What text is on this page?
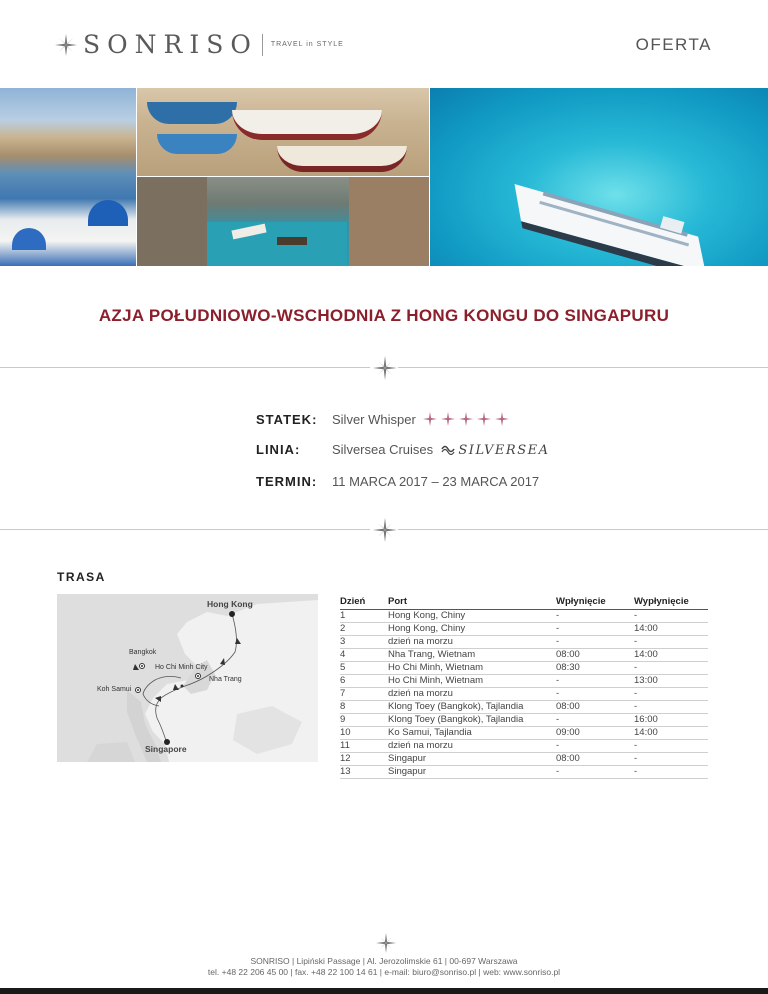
SONRISO TRAVEL in STYLE	OFERTA
AZJA POŁUDNIOWO-WSCHODNIA Z HONG KONGU DO SINGAPURU
STATEK: Silver Whisper
LINIA: Silversea Cruises SILVERSEA
TERMIN: 11 MARCA 2017 – 23 MARCA 2017
TRASA
Hong Kong
Bangkok
Ho Chi Minh City
Nha Trang
Koh Samui
Singapore
Dzień	Port	Wpłynięcie	Wypłynięcie
1	Hong Kong, Chiny	-	-
2	Hong Kong, Chiny	-	14:00
3	dzień na morzu	-	-
4	Nha Trang, Wietnam	08:00	14:00
5	Ho Chi Minh, Wietnam	08:30	-
6	Ho Chi Minh, Wietnam	-	13:00
7	dzień na morzu	-	-
8	Klong Toey (Bangkok), Tajlandia	08:00	-
9	Klong Toey (Bangkok), Tajlandia	-	16:00
10	Ko Samui, Tajlandia	09:00	14:00
11	dzień na morzu	-	-
12	Singapur	08:00	-
13	Singapur	-	-
SONRISO | Lipiński Passage | Al. Jerozolimskie 61 | 00-697 Warszawa
tel. +48 22 206 45 00 | fax. +48 22 100 14 61 | e-mail: biuro@sonriso.pl | web: www.sonriso.pl
